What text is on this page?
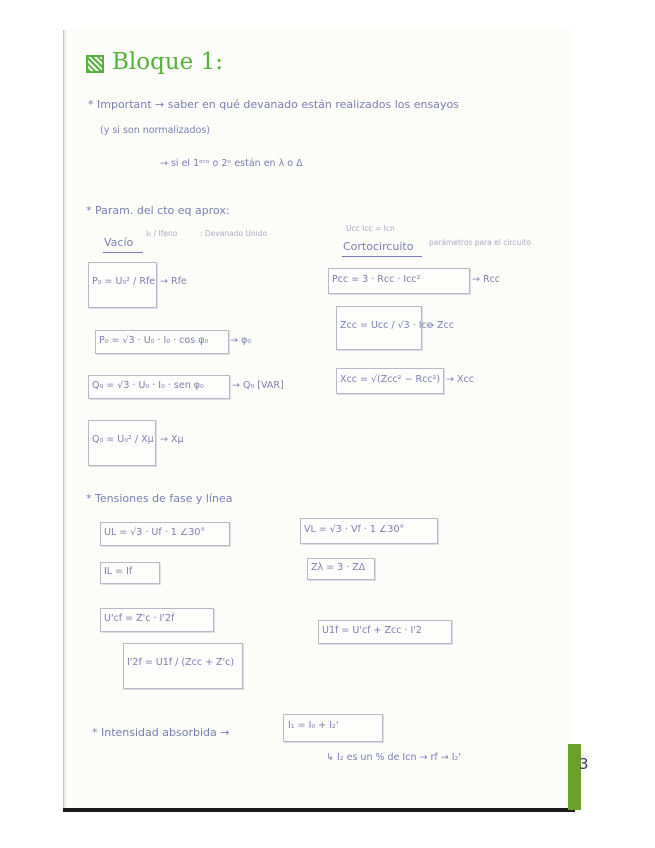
Bloque 1:
* Important → saber en qué devanado están realizados los ensayos
(y si son normalizados)
→ si el 1ᵉʳᵒ o 2ᵒ están en λ o Δ
* Param. del cto eq aprox:
Vacío
I₀ / Ifeno	: Devanado Unido
Ucc Icc = Icn
Cortocircuito parámetros para el circuito
P₀ = U₀² / Rfe → Rfe
P₀ = √3 · U₀ · I₀ · cos φ₀ → φ₀
Q₀ = √3 · U₀ · I₀ · sen φ₀	→ Q₀ [VAR]
Q₀ = U₀² / Xμ → Xμ
Pcc = 3 · Rcc · Icc²	→ Rcc
Zcc = Ucc / √3 · Icc
→ Zcc
Xcc = √(Zcc² − Rcc²) → Xcc
* Tensiones de fase y línea
UL = √3 · Uf · 1 ∠30°	VL = √3 · Vf · 1 ∠30°
IL = If	Zλ = 3 · ZΔ
U'cf = Z'c · I'2f
U1f = U'cf + Zcc · I'2
I'2f = U1f / (Zcc + Z'c)
* Intensidad absorbida →
I₁ = I₀ + I₂'
↳ I₂ es un % de Icn → rf → I₂'	3
